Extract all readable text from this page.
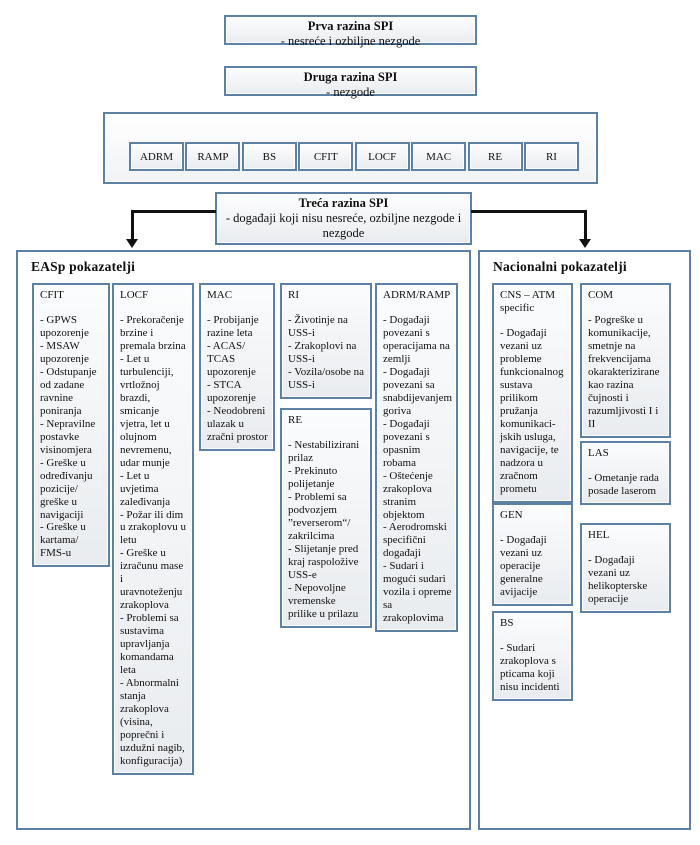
Prva razina SPI
- nesreće i ozbiljne nezgode
Druga razina SPI
- nezgode
ADRM	RAMP	BS	CFIT	LOCF	MAC	RE	RI
Treća razina SPI
- događaji koji nisu nesreće, ozbiljne nezgode i nezgode
EASp pokazatelji
CFIT
- GPWS upozorenje
- MSAW upozorenje
- Odstupanje od zadane ravnine poniranja
- Nepravilne postavke visinomjera
- Greške u određivanju pozicije/ greške u navigaciji
- Greške u kartama/ FMS-u
LOCF
- Prekoračenje brzine i premala brzina
- Let u turbulenciji, vrtložnoj brazdi, smicanje vjetra, let u olujnom nevremenu, udar munje
- Let u uvjetima zaleđivanja
- Požar ili dim u zrakoplovu u letu
- Greške u izračunu mase i uravnoteženju zrakoplova
- Problemi sa sustavima upravljanja komandama leta
- Abnormalni stanja zrakoplova (visina, poprečni i uzdužni nagib, konfiguracija)
MAC
- Probijanje razine leta
- ACAS/ TCAS upozorenje
- STCA upozorenje
- Neodobreni ulazak u zračni prostor
RI
- Životinje na USS-i
- Zrakoplovi na USS-i
- Vozila/osobe na USS-i
RE
- Nestabilizirani prilaz
- Prekinuto polijetanje
- Problemi sa podvozjem ”reverserom“/ zakrilcima
- Slijetanje pred kraj raspoložive USS-e
- Nepovoljne vremenske prilike u prilazu
ADRM/RAMP
- Događaji povezani s operacijama na zemlji
- Događaji povezani sa snabdijevanjem goriva
- Događaji povezani s opasnim robama
- Oštećenje zrakoplova stranim objektom
- Aerodromski specifični događaji
- Sudari i mogući sudari vozila i opreme sa zrakoplovima
Nacionalni pokazatelji
CNS – ATM specific
- Događaji vezani uz probleme funkcionalnog sustava prilikom pružanja komunikaci- jskih usluga, navigacije, te nadzora u zračnom prometu
GEN
- Događaji vezani uz operacije generalne avijacije
BS
- Sudari zrakoplova s pticama koji nisu incidenti
COM
- Pogreške u komunikacije, smetnje na frekvencijama okarakterizirane kao razina čujnosti i razumljivosti I i II
LAS
- Ometanje rada posade laserom
HEL
- Događaji vezani uz helikopterske operacije
